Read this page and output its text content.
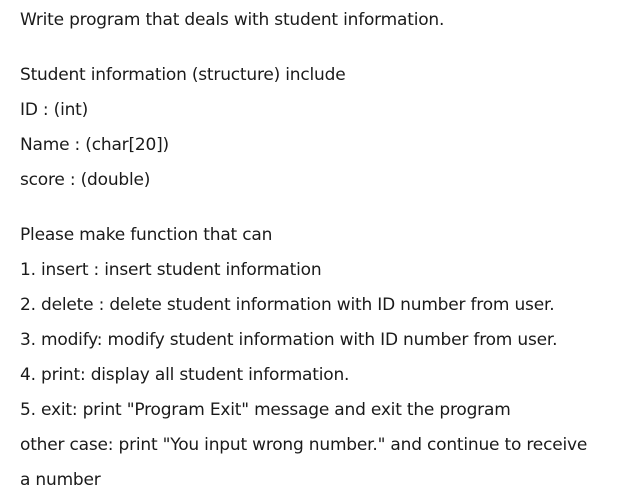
Write program that deals with student information.
Student information (structure) include
ID : (int)
Name : (char[20])
score : (double)
Please make function that can
1. insert : insert student information
2. delete : delete student information with ID number from user.
3. modify: modify student information with ID number from user.
4. print: display all student information.
5. exit: print "Program Exit" message and exit the program
other case: print "You input wrong number." and continue to receive
a number
